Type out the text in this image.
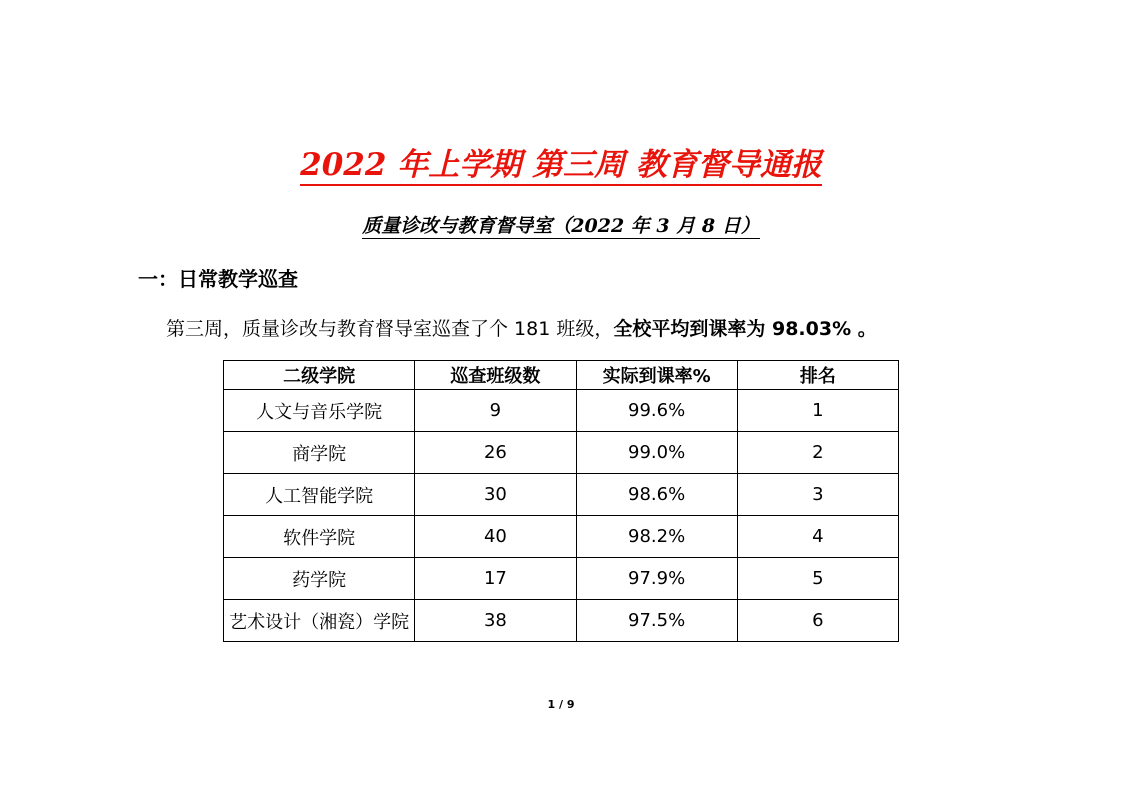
2022 年上学期 第三周 教育督导通报
质量诊改与教育督导室（2022 年 3 月 8 日）
一：日常教学巡查
第三周，质量诊改与教育督导室巡查了个 181 班级，全校平均到课率为 98.03% 。
二级学院	巡查班级数	实际到课率%	排名
人文与音乐学院	9	99.6%	1
商学院	26	99.0%	2
人工智能学院	30	98.6%	3
软件学院	40	98.2%	4
药学院	17	97.9%	5
艺术设计（湘瓷）学院	38	97.5%	6
1 / 9
